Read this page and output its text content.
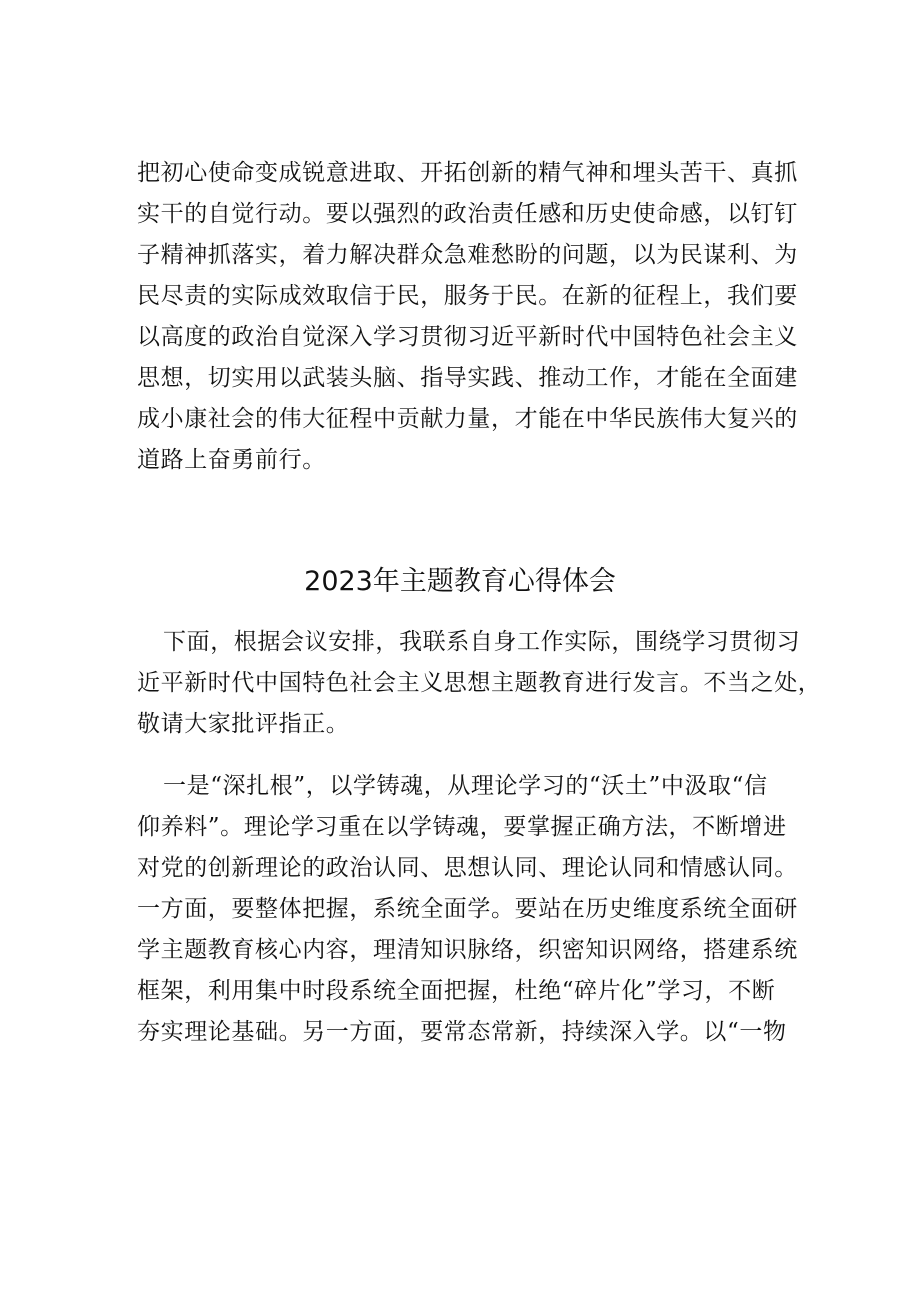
把初心使命变成锐意进取、开拓创新的精气神和埋头苦干、真抓
实干的自觉行动。要以强烈的政治责任感和历史使命感，以钉钉
子精神抓落实，着力解决群众急难愁盼的问题，以为民谋利、为
民尽责的实际成效取信于民，服务于民。在新的征程上，我们要
以高度的政治自觉深入学习贯彻习近平新时代中国特色社会主义
思想，切实用以武装头脑、指导实践、推动工作，才能在全面建
成小康社会的伟大征程中贡献力量，才能在中华民族伟大复兴的
道路上奋勇前行。
2023年主题教育心得体会
下面，根据会议安排，我联系自身工作实际，围绕学习贯彻习
近平新时代中国特色社会主义思想主题教育进行发言。不当之处，
敬请大家批评指正。
一是“深扎根”，以学铸魂，从理论学习的“沃土”中汲取“信
仰养料”。理论学习重在以学铸魂，要掌握正确方法，不断增进
对党的创新理论的政治认同、思想认同、理论认同和情感认同。
一方面，要整体把握，系统全面学。要站在历史维度系统全面研
学主题教育核心内容，理清知识脉络，织密知识网络，搭建系统
框架，利用集中时段系统全面把握，杜绝“碎片化”学习，不断
夯实理论基础。另一方面，要常态常新，持续深入学。以“一物
